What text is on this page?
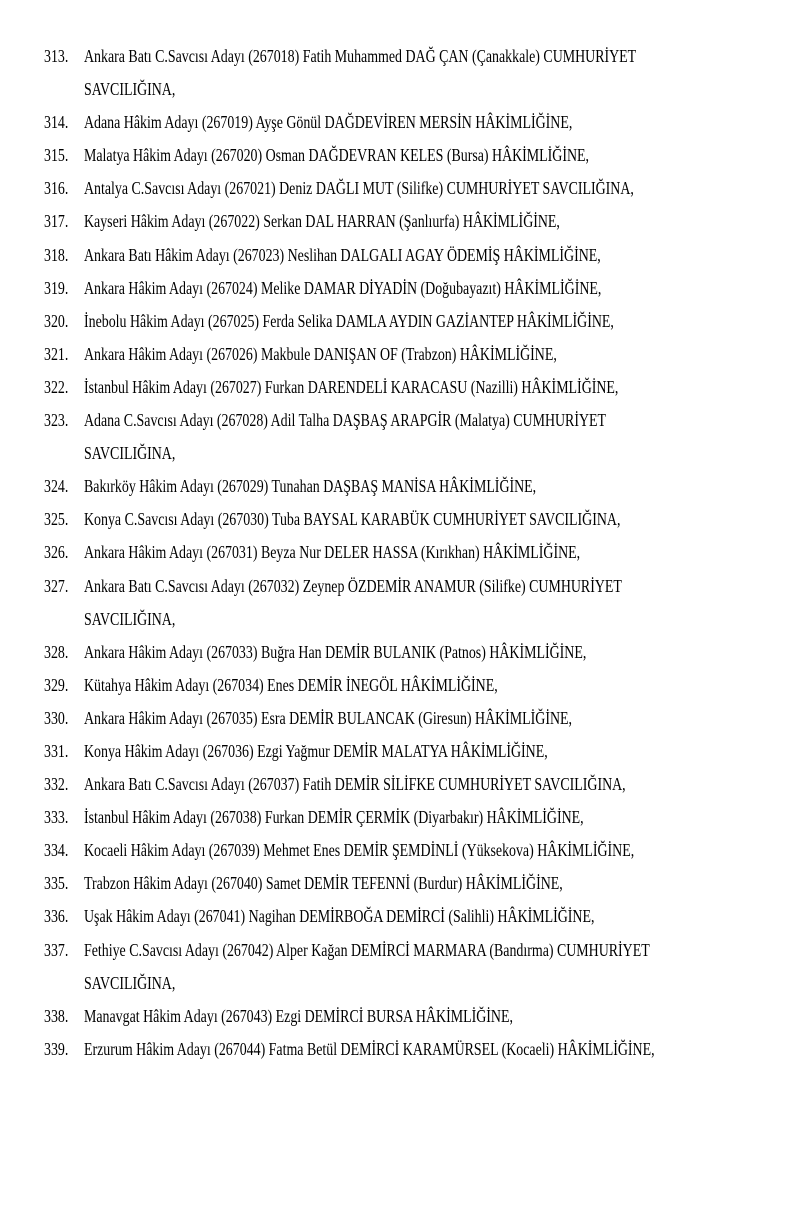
313. Ankara Batı C.Savcısı Adayı (267018) Fatih Muhammed DAĞ ÇAN (Çanakkale) CUMHURİYET
SAVCILIĞINA,
314. Adana Hâkim Adayı (267019) Ayşe Gönül DAĞDEVİREN MERSİN HÂKİMLİĞİNE,
315. Malatya Hâkim Adayı (267020) Osman DAĞDEVRAN KELES (Bursa) HÂKİMLİĞİNE,
316. Antalya C.Savcısı Adayı (267021) Deniz DAĞLI MUT (Silifke) CUMHURİYET SAVCILIĞINA,
317. Kayseri Hâkim Adayı (267022) Serkan DAL HARRAN (Şanlıurfa) HÂKİMLİĞİNE,
318. Ankara Batı Hâkim Adayı (267023) Neslihan DALGALI AGAY ÖDEMİŞ HÂKİMLİĞİNE,
319. Ankara Hâkim Adayı (267024) Melike DAMAR DİYADİN (Doğubayazıt) HÂKİMLİĞİNE,
320. İnebolu Hâkim Adayı (267025) Ferda Selika DAMLA AYDIN GAZİANTEP HÂKİMLİĞİNE,
321. Ankara Hâkim Adayı (267026) Makbule DANIŞAN OF (Trabzon) HÂKİMLİĞİNE,
322. İstanbul Hâkim Adayı (267027) Furkan DARENDELİ KARACASU (Nazilli) HÂKİMLİĞİNE,
323. Adana C.Savcısı Adayı (267028) Adil Talha DAŞBAŞ ARAPGİR (Malatya) CUMHURİYET
SAVCILIĞINA,
324. Bakırköy Hâkim Adayı (267029) Tunahan DAŞBAŞ MANİSA HÂKİMLİĞİNE,
325. Konya C.Savcısı Adayı (267030) Tuba BAYSAL KARABÜK CUMHURİYET SAVCILIĞINA,
326. Ankara Hâkim Adayı (267031) Beyza Nur DELER HASSA (Kırıkhan) HÂKİMLİĞİNE,
327. Ankara Batı C.Savcısı Adayı (267032) Zeynep ÖZDEMİR ANAMUR (Silifke) CUMHURİYET
SAVCILIĞINA,
328. Ankara Hâkim Adayı (267033) Buğra Han DEMİR BULANIK (Patnos) HÂKİMLİĞİNE,
329. Kütahya Hâkim Adayı (267034) Enes DEMİR İNEGÖL HÂKİMLİĞİNE,
330. Ankara Hâkim Adayı (267035) Esra DEMİR BULANCAK (Giresun) HÂKİMLİĞİNE,
331. Konya Hâkim Adayı (267036) Ezgi Yağmur DEMİR MALATYA HÂKİMLİĞİNE,
332. Ankara Batı C.Savcısı Adayı (267037) Fatih DEMİR SİLİFKE CUMHURİYET SAVCILIĞINA,
333. İstanbul Hâkim Adayı (267038) Furkan DEMİR ÇERMİK (Diyarbakır) HÂKİMLİĞİNE,
334. Kocaeli Hâkim Adayı (267039) Mehmet Enes DEMİR ŞEMDİNLİ (Yüksekova) HÂKİMLİĞİNE,
335. Trabzon Hâkim Adayı (267040) Samet DEMİR TEFENNİ (Burdur) HÂKİMLİĞİNE,
336. Uşak Hâkim Adayı (267041) Nagihan DEMİRBOĞA DEMİRCİ (Salihli) HÂKİMLİĞİNE,
337. Fethiye C.Savcısı Adayı (267042) Alper Kağan DEMİRCİ MARMARA (Bandırma) CUMHURİYET
SAVCILIĞINA,
338. Manavgat Hâkim Adayı (267043) Ezgi DEMİRCİ BURSA HÂKİMLİĞİNE,
339. Erzurum Hâkim Adayı (267044) Fatma Betül DEMİRCİ KARAMÜRSEL (Kocaeli) HÂKİMLİĞİNE,
